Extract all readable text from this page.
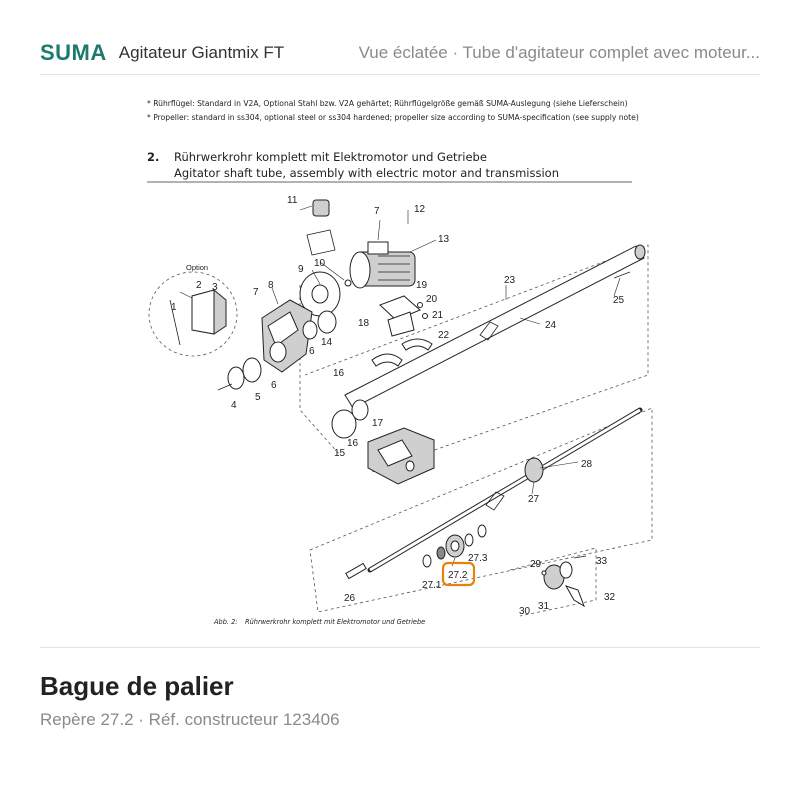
SUMA Agitateur Giantmix FT	Vue éclatée · Tube d'agitateur complet avec moteur...
* Rührflügel: Standard in V2A, Optional Stahl bzw. V2A gehärtet; Rührflügelgröße gemäß SUMA-Auslegung (siehe Lieferschein)
* Propeller: standard in ss304, optional steel or ss304 hardened; propeller size according to SUMA-specification (see supply note)
2. Rührwerkrohr komplett mit Elektromotor und Getriebe
Agitator shaft tube, assembly with electric motor and transmission
Option
1
2 3
4
5
6
6
7
7
8
9
10
11
12
13
14
15
16
16
17
18
19
20
21
22
23
24
25
26
27
27.1
27.3
28
29
30 31
32
33
27.2
Abb. 2: Rührwerkrohr komplett mit Elektromotor und Getriebe
Bague de palier
Repère 27.2 · Réf. constructeur 123406
